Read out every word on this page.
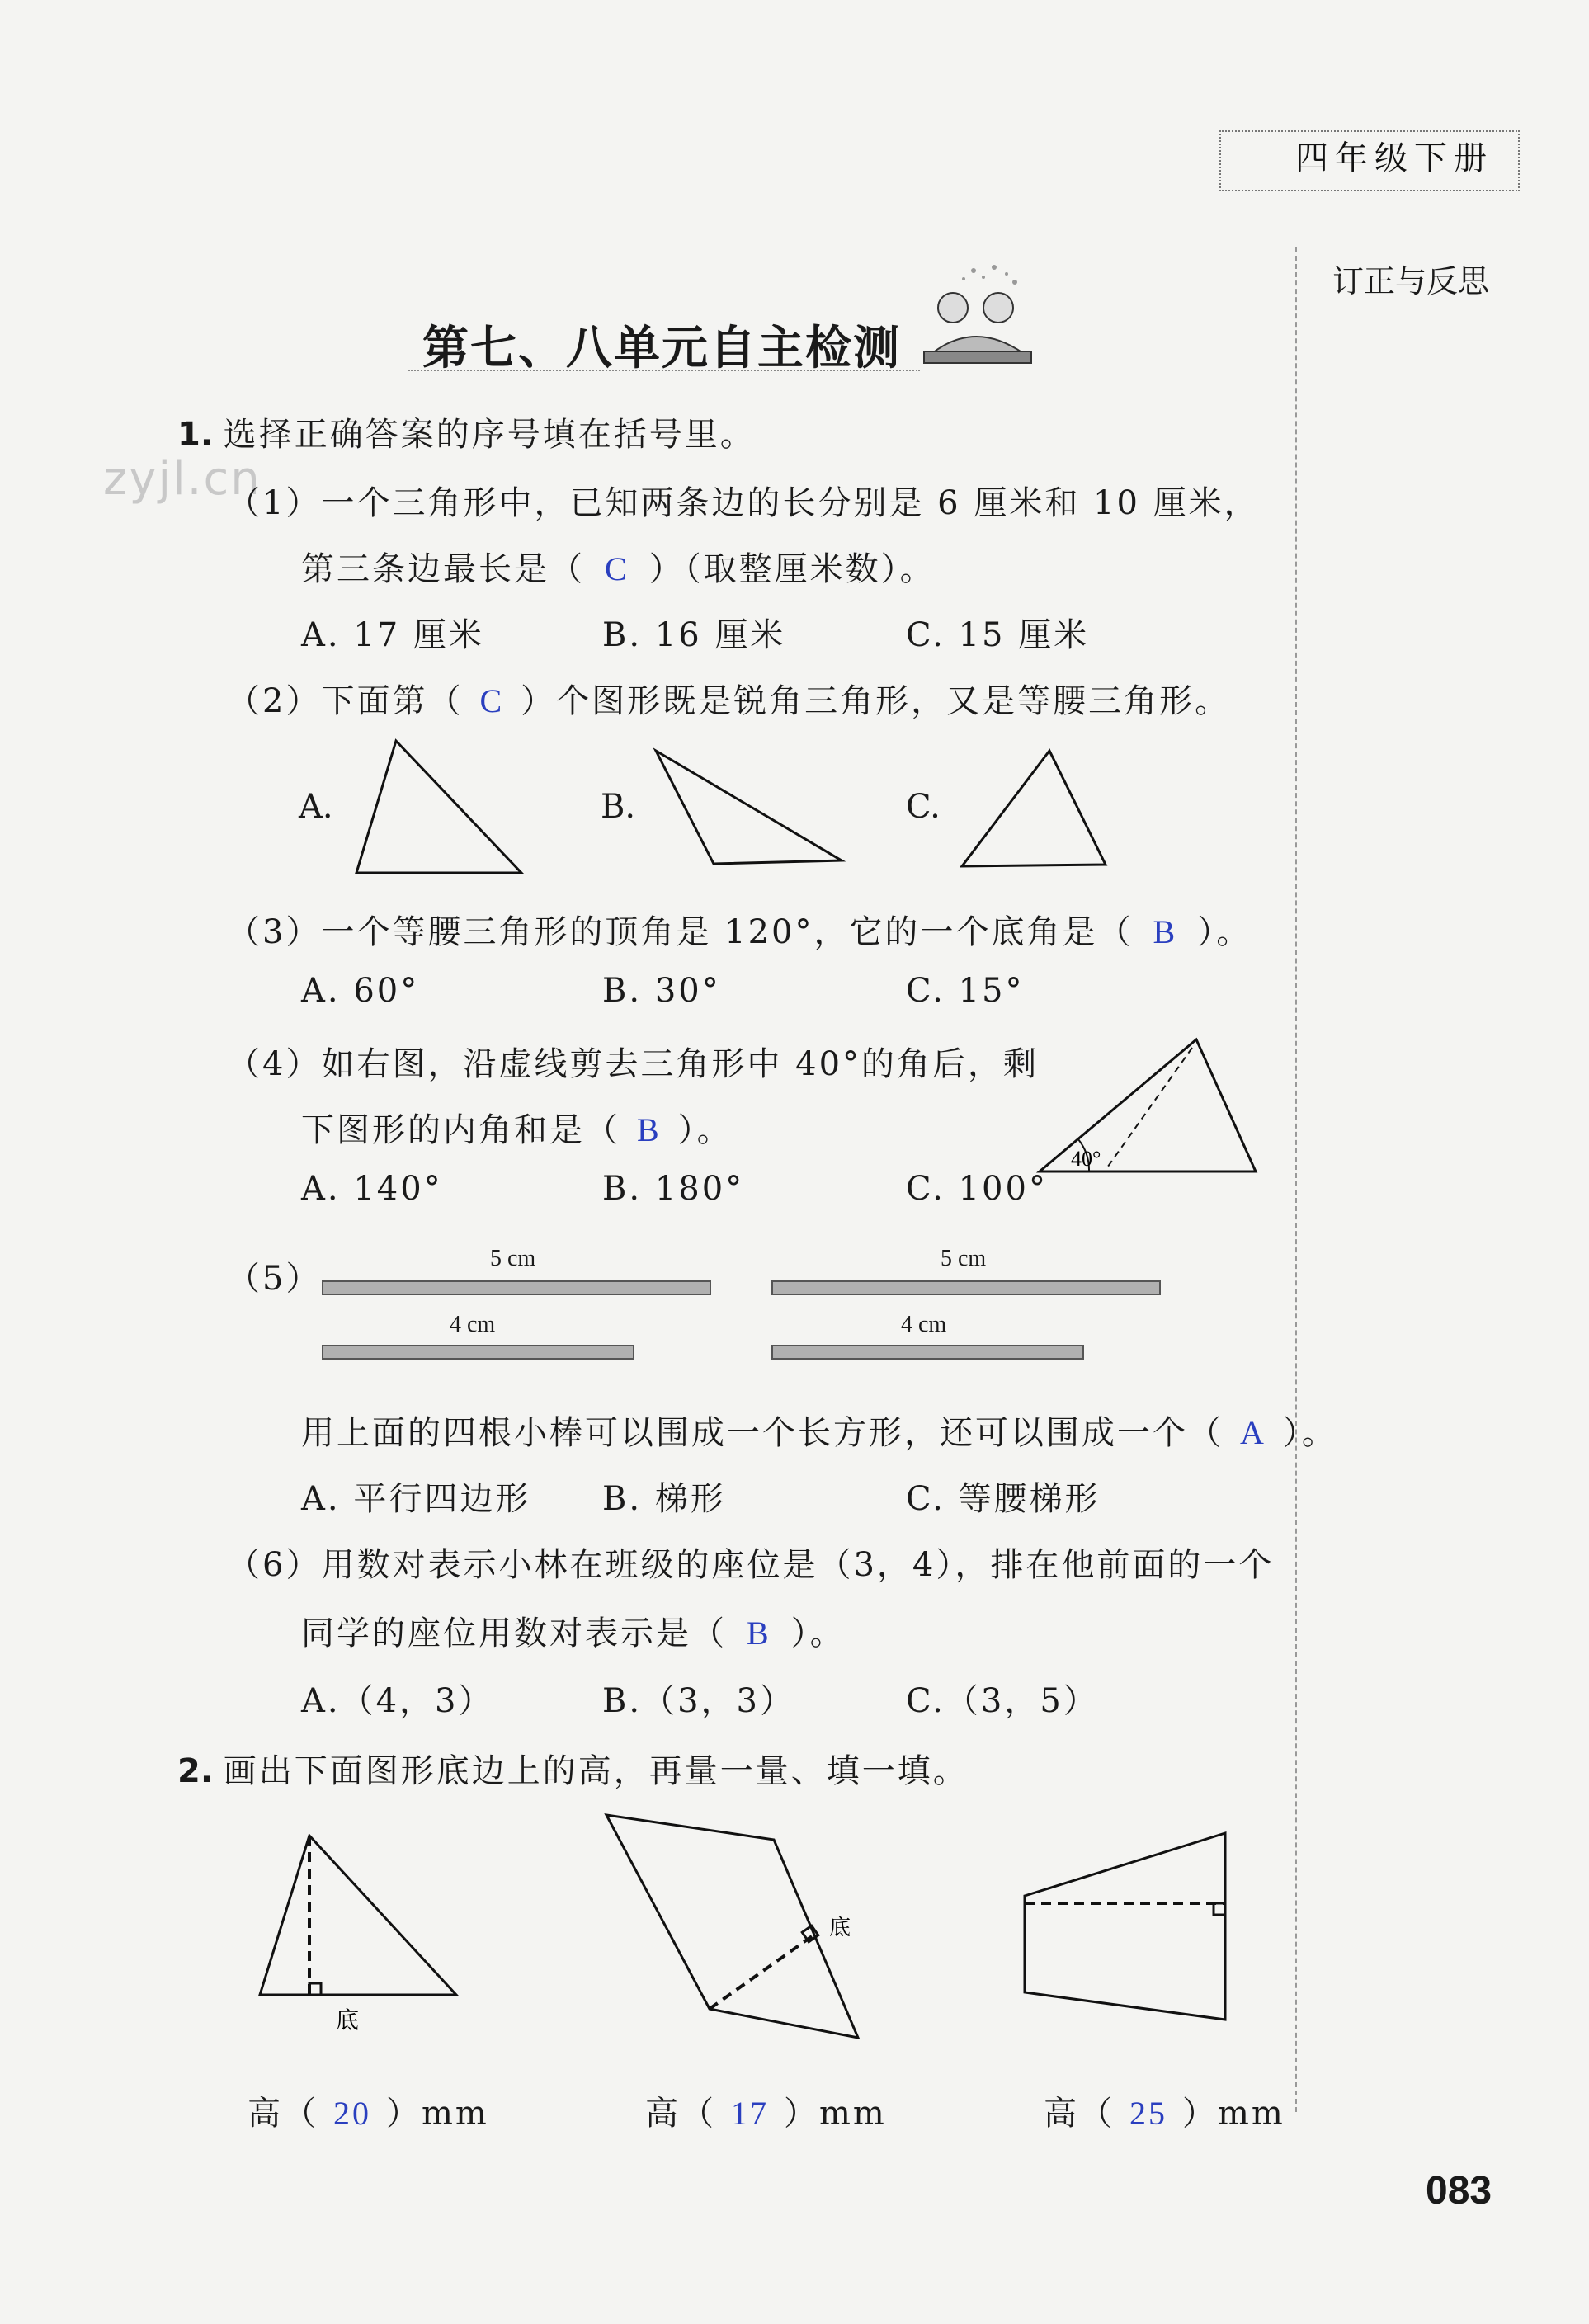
四年级下册
订正与反思
zyjl.cn
第七、八单元自主检测
1. 选择正确答案的序号填在括号里。
（1）一个三角形中，已知两条边的长分别是 6 厘米和 10 厘米，
第三条边最长是（ C ）（取整厘米数）。
A. 17 厘米	B. 16 厘米	C. 15 厘米
（2）下面第（ C ）个图形既是锐角三角形，又是等腰三角形。
A.	B.	C.
（3）一个等腰三角形的顶角是 120°，它的一个底角是（ B ）。
A. 60°	B. 30°	C. 15°
（4）如右图，沿虚线剪去三角形中 40°的角后，剩
下图形的内角和是（ B ）。
A. 140°	B. 180°	C. 100°
40°
（5）
5 cm	5 cm
4 cm	4 cm
用上面的四根小棒可以围成一个长方形，还可以围成一个（ A ）。
A. 平行四边形 B. 梯形	C. 等腰梯形
（6）用数对表示小林在班级的座位是（3，4），排在他前面的一个
同学的座位用数对表示是（ B ）。
A.（4，3）	B.（3，3）	C.（3，5）
2. 画出下面图形底边上的高，再量一量、填一填。
底
底
高（ 20 ）mm	高（ 17 ）mm	高（ 25 ）mm
083
